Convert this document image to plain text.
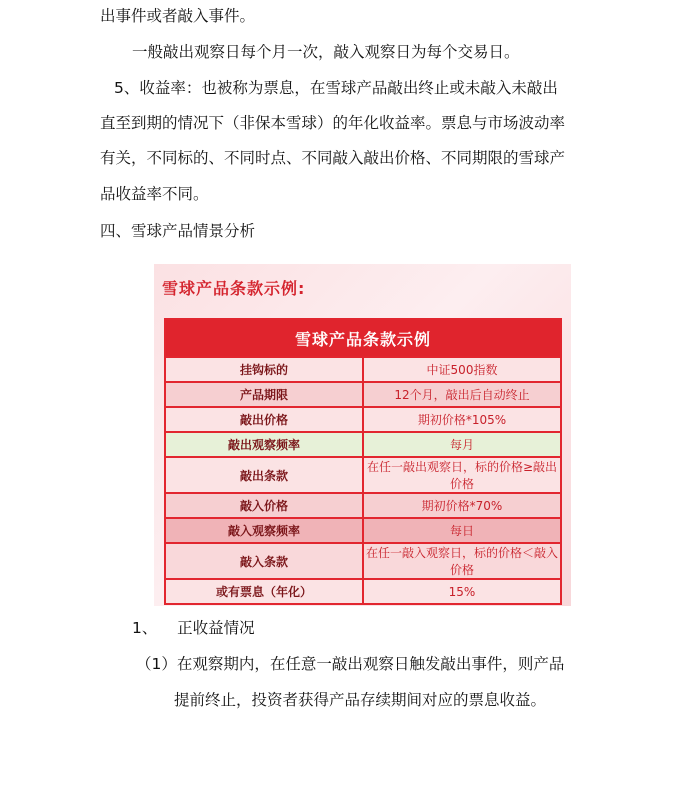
出事件或者敲入事件。
一般敲出观察日每个月一次，敲入观察日为每个交易日。
5、收益率：也被称为票息，在雪球产品敲出终止或未敲入未敲出
直至到期的情况下（非保本雪球）的年化收益率。票息与市场波动率
有关，不同标的、不同时点、不同敲入敲出价格、不同期限的雪球产
品收益率不同。
四、雪球产品情景分析
雪球产品条款示例:
雪球产品条款示例	
挂钩标的	中证500指数
产品期限	12个月，敲出后自动终止
敲出价格	期初价格*105%
敲出观察频率	每月
敲出条款	在任一敲出观察日，标的价格≥敲出价格
敲入价格	期初价格*70%
敲入观察频率	每日
敲入条款	在任一敲入观察日，标的价格＜敲入价格
或有票息（年化）	15%
1、    正收益情况
（1）在观察期内，在任意一敲出观察日触发敲出事件，则产品
提前终止，投资者获得产品存续期间对应的票息收益。
